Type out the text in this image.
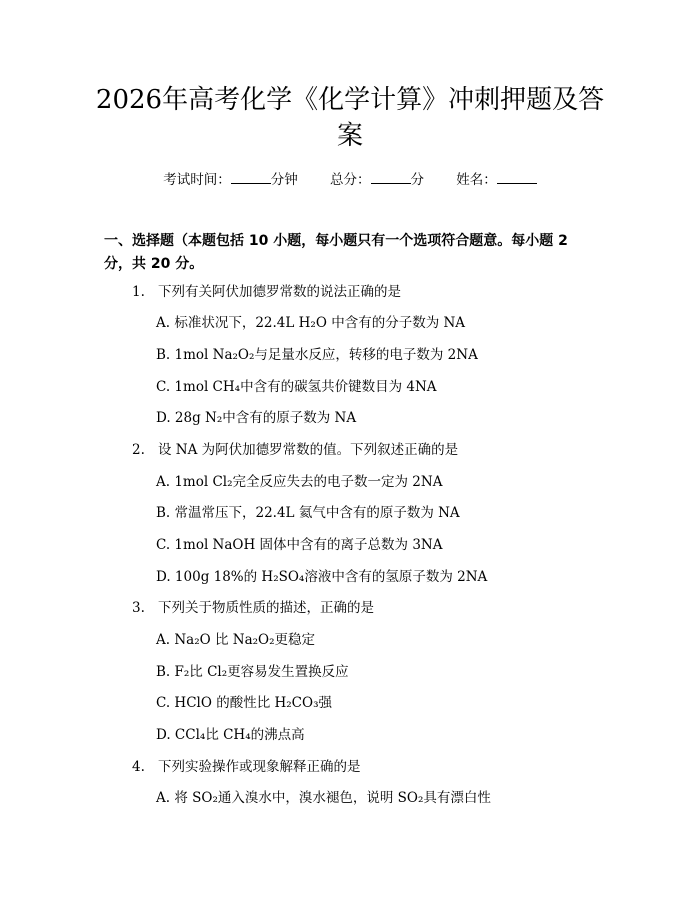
2026年高考化学《化学计算》冲刺押题及答案
考试时间：	分钟 总分：	分 姓名：
一、选择题（本题包括 10 小题，每小题只有一个选项符合题意。每小题 2 分，共 20 分。
1. 下列有关阿伏加德罗常数的说法正确的是
A. 标准状况下，22.4L H₂O 中含有的分子数为 NA
B. 1mol Na₂O₂与足量水反应，转移的电子数为 2NA
C. 1mol CH₄中含有的碳氢共价键数目为 4NA
D. 28g N₂中含有的原子数为 NA
2. 设 NA 为阿伏加德罗常数的值。下列叙述正确的是
A. 1mol Cl₂完全反应失去的电子数一定为 2NA
B. 常温常压下，22.4L 氦气中含有的原子数为 NA
C. 1mol NaOH 固体中含有的离子总数为 3NA
D. 100g 18%的 H₂SO₄溶液中含有的氢原子数为 2NA
3. 下列关于物质性质的描述，正确的是
A. Na₂O 比 Na₂O₂更稳定
B. F₂比 Cl₂更容易发生置换反应
C. HClO 的酸性比 H₂CO₃强
D. CCl₄比 CH₄的沸点高
4. 下列实验操作或现象解释正确的是
A. 将 SO₂通入溴水中，溴水褪色，说明 SO₂具有漂白性
